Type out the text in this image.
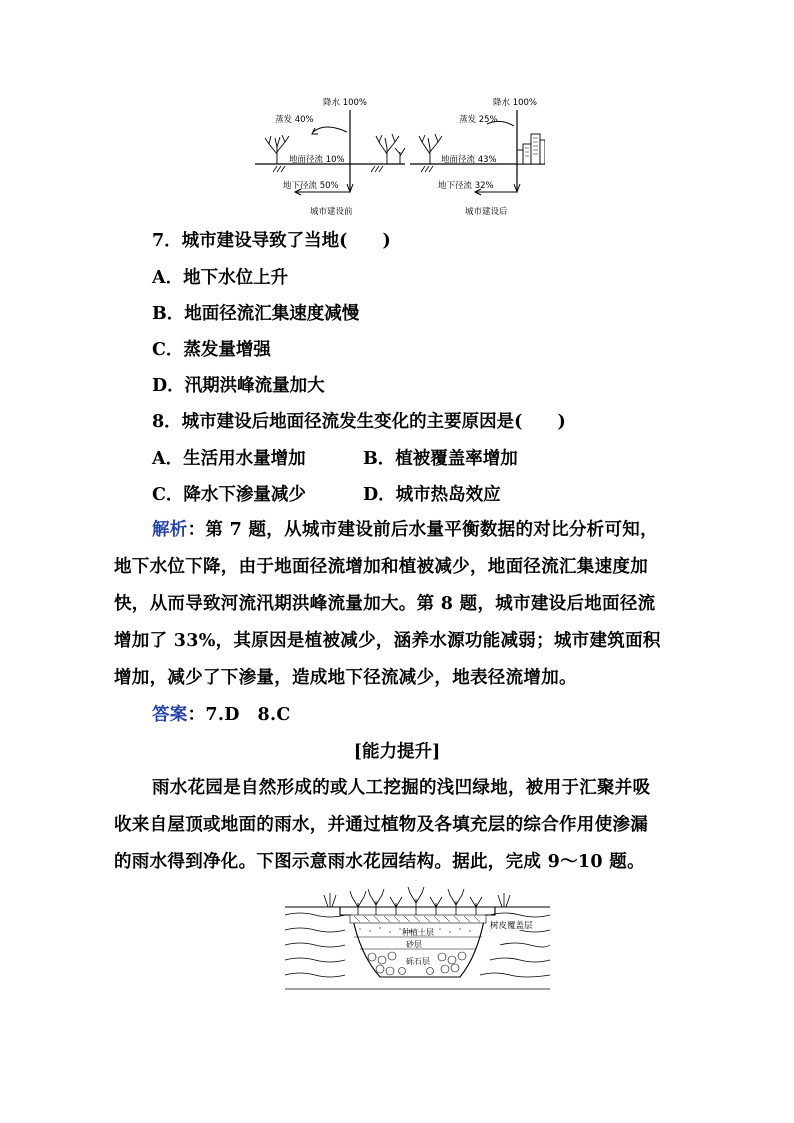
降水 100%
蒸发 40%
地面径流 10%
地下径流 50%
城市建设前
降水 100%
蒸发 25%
地面径流 43%
地下径流 32%
城市建设后
7．城市建设导致了当地(　　)
A．地下水位上升
B．地面径流汇集速度减慢
C．蒸发量增强
D．汛期洪峰流量加大
8．城市建设后地面径流发生变化的主要原因是(　　)
A．生活用水量增加	B．植被覆盖率增加
C．降水下渗量减少	D．城市热岛效应
解析：第 7 题，从城市建设前后水量平衡数据的对比分析可知，
地下水位下降，由于地面径流增加和植被减少，地面径流汇集速度加
快，从而导致河流汛期洪峰流量加大。第 8 题，城市建设后地面径流
增加了 33%，其原因是植被减少，涵养水源功能减弱；城市建筑面积
增加，减少了下渗量，造成地下径流减少，地表径流增加。
答案：7.D　8.C
[能力提升]
雨水花园是自然形成的或人工挖掘的浅凹绿地，被用于汇聚并吸
收来自屋顶或地面的雨水，并通过植物及各填充层的综合作用使渗漏
的雨水得到净化。下图示意雨水花园结构。据此，完成 9～10 题。
树皮覆盖层
种植土层
砂层
砾石层
